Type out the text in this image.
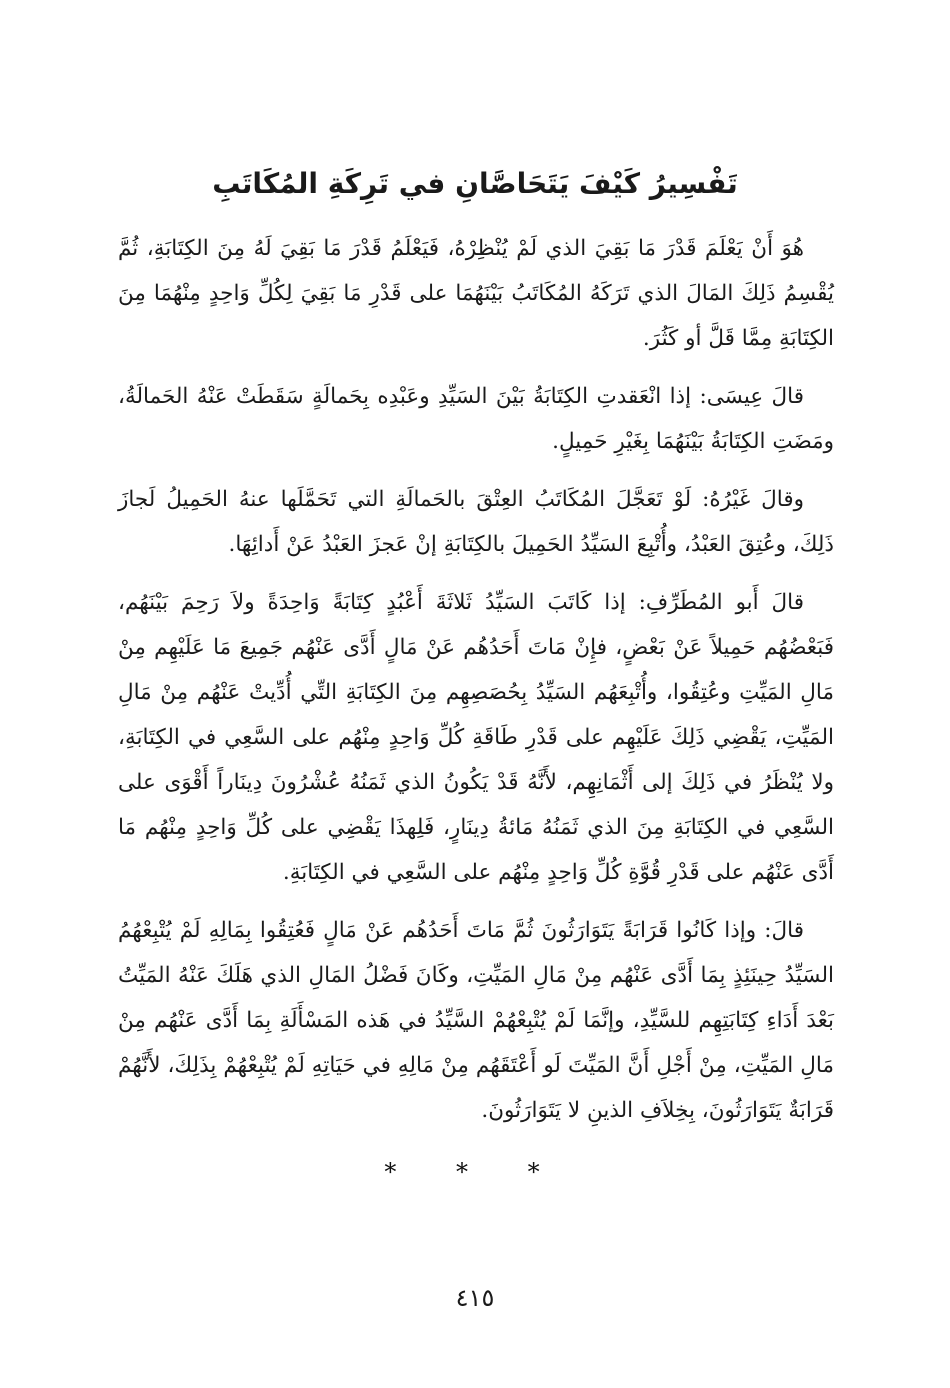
تَفْسِيرُ كَيْفَ يَتَحَاصَّانِ في تَرِكَةِ المُكَاتَبِ

هُوَ أَنْ يَعْلَمَ قَدْرَ مَا بَقِيَ الذي لَمْ يُنْظِرْهُ، فَيَعْلَمُ قَدْرَ مَا بَقِيَ لَهُ مِنَ الكِتَابَةِ، ثُمَّ يُقْسِمُ ذَلِكَ المَالَ الذي تَرَكَهُ المُكَاتَبُ بَيْنَهُمَا على قَدْرِ مَا بَقِيَ لِكُلِّ وَاحِدٍ مِنْهُمَا مِنَ الكِتَابَةِ مِمَّا قَلَّ أو كَثُرَ.

قالَ عِيسَى: إذا انْعَقدتِ الكِتَابَةُ بَيْنَ السَيِّدِ وعَبْدِه بِحَمالَةٍ سَقَطَتْ عَنْهُ الحَمالَةُ، ومَضَتِ الكِتَابَةُ بَيْنَهُمَا بِغَيْرِ حَمِيلٍ.

وقالَ غَيْرُهُ: لَوْ تَعَجَّلَ المُكَاتَبُ العِتْقَ بالحَمالَةِ التي تَحَمَّلَها عنهُ الحَمِيلُ لَجازَ ذَلِكَ، وعُتِقَ العَبْدُ، وأُتْبِعَ السَيِّدُ الحَمِيلَ بالكِتَابَةِ إنْ عَجزَ العَبْدُ عَنْ أَدائِهَا.

قالَ أَبو المُطَرِّفِ: إذا كَاتَبَ السَيِّدُ ثَلاثَةَ أَعْبُدٍ كِتَابَةً وَاحِدَةً ولاَ رَحِمَ بَيْنَهُم، فَبَعْضُهُم حَمِيلاً عَنْ بَعْضٍ، فإِنْ مَاتَ أَحَدُهُم عَنْ مَالٍ أَدَّى عَنْهُم جَمِيعَ مَا عَلَيْهِم مِنْ مَالِ المَيِّتِ وعُتِقُوا، وأُتْبِعَهُم السَيِّدُ بِحُصَصِهِم مِنَ الكِتَابَةِ التِّي أُدِّيتْ عَنْهُم مِنْ مَالِ المَيِّتِ، يَقْضِي ذَلِكَ عَلَيْهِم على قَدْرِ طَاقَةِ كُلِّ وَاحِدٍ مِنْهُم على السَّعِي في الكِتَابَةِ، ولا يُنْظَرُ في ذَلِكَ إلى أَثْمَانِهِم، لأَنَّهُ قَدْ يَكُونُ الذي ثَمَنُهُ عُشْرُونَ دِينَاراً أَقْوَى على السَّعِي في الكِتَابَةِ مِنَ الذي ثَمَنُهُ مَائةُ دِينَارٍ، فَلِهذَا يَقْضِي على كُلِّ وَاحِدٍ مِنْهُم مَا أَدَّى عَنْهُم على قَدْرِ قُوَّةِ كُلِّ وَاحِدٍ مِنْهُم على السَّعِي في الكِتَابَةِ.

قالَ: وإذا كَانُوا قَرَابَةً يَتَوَارَثُونَ ثُمَّ مَاتَ أَحَدُهُم عَنْ مَالٍ فَعُتِقُوا بِمَالِهِ لَمْ يُتْبِعْهُمُ السَيِّدُ حِينَئِذٍ بِمَا أَدَّى عَنْهُم مِنْ مَالِ المَيِّتِ، وكَانَ فَضْلُ المَالِ الذي هَلَكَ عَنْهُ المَيِّتُ بَعْدَ أَدَاءِ كِتَابَتِهِم للسَّيِّدِ، وإنَّمَا لَمْ يُتْبِعْهُمْ السَّيِّدُ في هَذه المَسْأَلَةِ بِمَا أَدَّى عَنْهُم مِنْ مَالِ المَيِّتِ، مِنْ أَجْلِ أَنَّ المَيِّتَ لَو أَعْتَقَهُم مِنْ مَالِهِ في حَيَاتِهِ لَمْ يُتْبِعْهُمْ بِذَلِكَ، لأَنَّهُمْ قَرَابَةٌ يَتَوَارَثُونَ، بِخِلاَفِ الذينِ لا يَتَوَارَثُونَ.

* * *
٤١٥
